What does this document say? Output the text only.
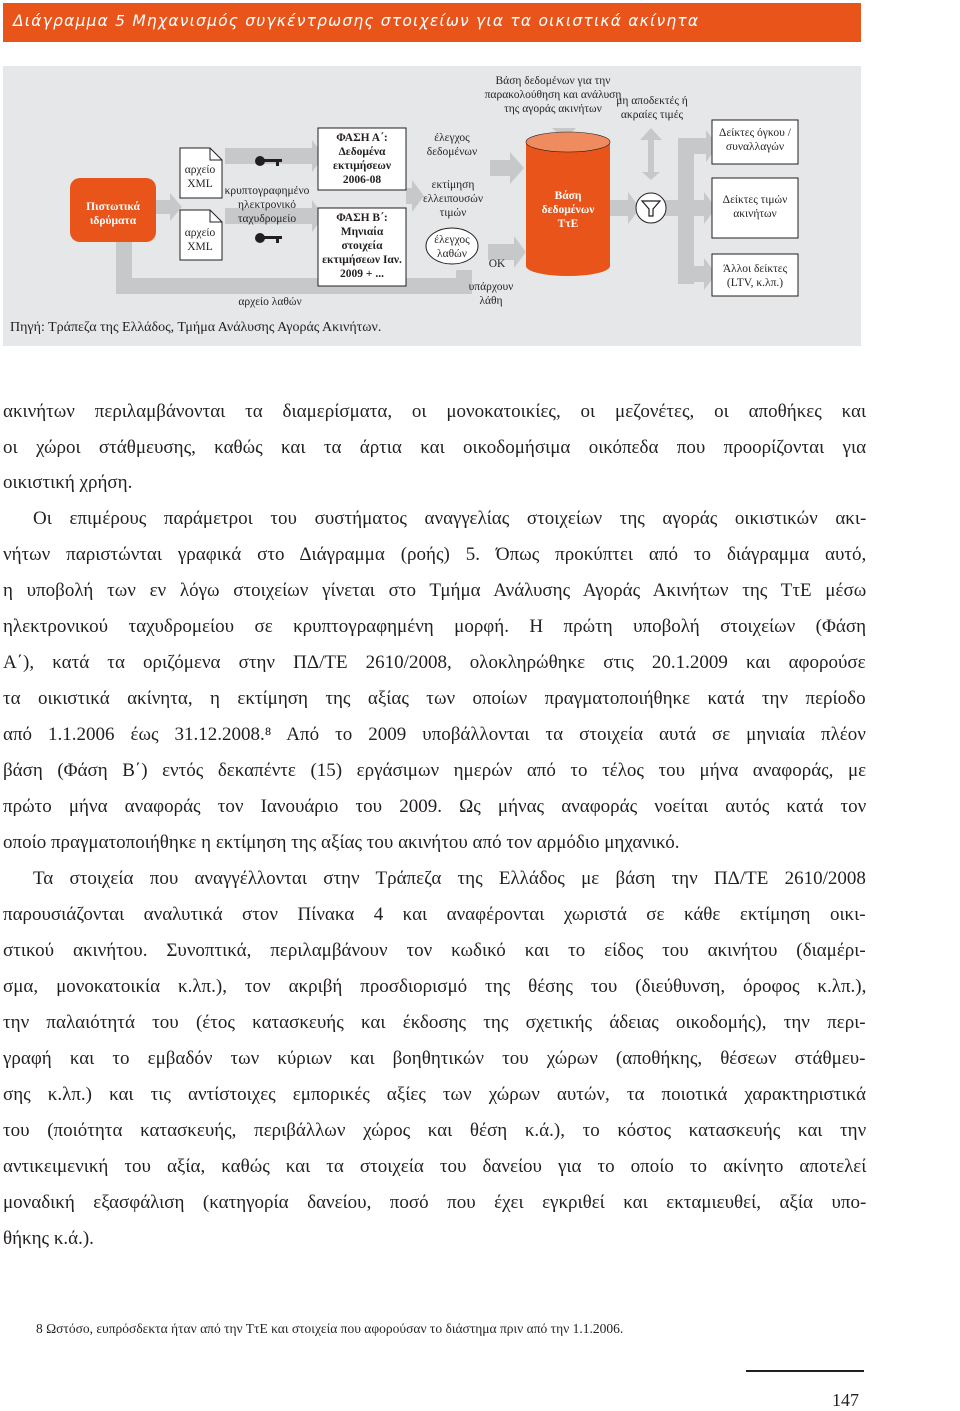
Διάγραμμα 5 Μηχανισμός συγκέντρωσης στοιχείων για τα οικιστικά ακίνητα
Πιστωτικά ιδρύματα
αρχείο XML
αρχείο XML
κρυπτογραφημένο ηλεκτρονικό ταχυδρομείο
ΦΑΣΗ Α΄: Δεδομένα εκτιμήσεων 2006-08
ΦΑΣΗ Β΄: Μηνιαία στοιχεία εκτιμήσεων Ιαν. 2009 + ...
έλεγχος δεδομένων
εκτίμηση ελλειπουσών τιμών
έλεγχος λαθών
OK
υπάρχουν λάθη
αρχείο λαθών
Βάση δεδομένων για την παρακολούθηση και ανάλυση της αγοράς ακινήτων
Βάση δεδομένων ΤτΕ
μη αποδεκτές ή ακραίες τιμές
Δείκτες όγκου / συναλλαγών
Δείκτες τιμών ακινήτων
Άλλοι δείκτες (LTV, κ.λπ.)
Πηγή: Τράπεζα της Ελλάδος, Τμήμα Ανάλυσης Αγοράς Ακινήτων.
ακινήτων περιλαμβάνονται τα διαμερίσματα, οι μονοκατοικίες, οι μεζονέτες, οι αποθήκες και
οι χώροι στάθμευσης, καθώς και τα άρτια και οικοδομήσιμα οικόπεδα που προορίζονται για
οικιστική χρήση.
Οι επιμέρους παράμετροι του συστήματος αναγγελίας στοιχείων της αγοράς οικιστικών ακι-
νήτων παριστώνται γραφικά στο Διάγραμμα (ροής) 5. Όπως προκύπτει από το διάγραμμα αυτό,
η υποβολή των εν λόγω στοιχείων γίνεται στο Τμήμα Ανάλυσης Αγοράς Ακινήτων της ΤτΕ μέσω
ηλεκτρονικού ταχυδρομείου σε κρυπτογραφημένη μορφή. Η πρώτη υποβολή στοιχείων (Φάση
Α΄), κατά τα οριζόμενα στην ΠΔ/ΤΕ 2610/2008, ολοκληρώθηκε στις 20.1.2009 και αφορούσε
τα οικιστικά ακίνητα, η εκτίμηση της αξίας των οποίων πραγματοποιήθηκε κατά την περίοδο
από 1.1.2006 έως 31.12.2008.⁸ Από το 2009 υποβάλλονται τα στοιχεία αυτά σε μηνιαία πλέον
βάση (Φάση Β΄) εντός δεκαπέντε (15) εργάσιμων ημερών από το τέλος του μήνα αναφοράς, με
πρώτο μήνα αναφοράς τον Ιανουάριο του 2009. Ως μήνας αναφοράς νοείται αυτός κατά τον
οποίο πραγματοποιήθηκε η εκτίμηση της αξίας του ακινήτου από τον αρμόδιο μηχανικό.
Τα στοιχεία που αναγγέλλονται στην Τράπεζα της Ελλάδος με βάση την ΠΔ/ΤΕ 2610/2008
παρουσιάζονται αναλυτικά στον Πίνακα 4 και αναφέρονται χωριστά σε κάθε εκτίμηση οικι-
στικού ακινήτου. Συνοπτικά, περιλαμβάνουν τον κωδικό και το είδος του ακινήτου (διαμέρι-
σμα, μονοκατοικία κ.λπ.), τον ακριβή προσδιορισμό της θέσης του (διεύθυνση, όροφος κ.λπ.),
την παλαιότητά του (έτος κατασκευής και έκδοσης της σχετικής άδειας οικοδομής), την περι-
γραφή και το εμβαδόν των κύριων και βοηθητικών του χώρων (αποθήκης, θέσεων στάθμευ-
σης κ.λπ.) και τις αντίστοιχες εμπορικές αξίες των χώρων αυτών, τα ποιοτικά χαρακτηριστικά
του (ποιότητα κατασκευής, περιβάλλων χώρος και θέση κ.ά.), το κόστος κατασκευής και την
αντικειμενική του αξία, καθώς και τα στοιχεία του δανείου για το οποίο το ακίνητο αποτελεί
μοναδική εξασφάλιση (κατηγορία δανείου, ποσό που έχει εγκριθεί και εκταμιευθεί, αξία υπο-
θήκης κ.ά.).
8 Ωστόσο, ευπρόσδεκτα ήταν από την ΤτΕ και στοιχεία που αφορούσαν το διάστημα πριν από την 1.1.2006.
147
